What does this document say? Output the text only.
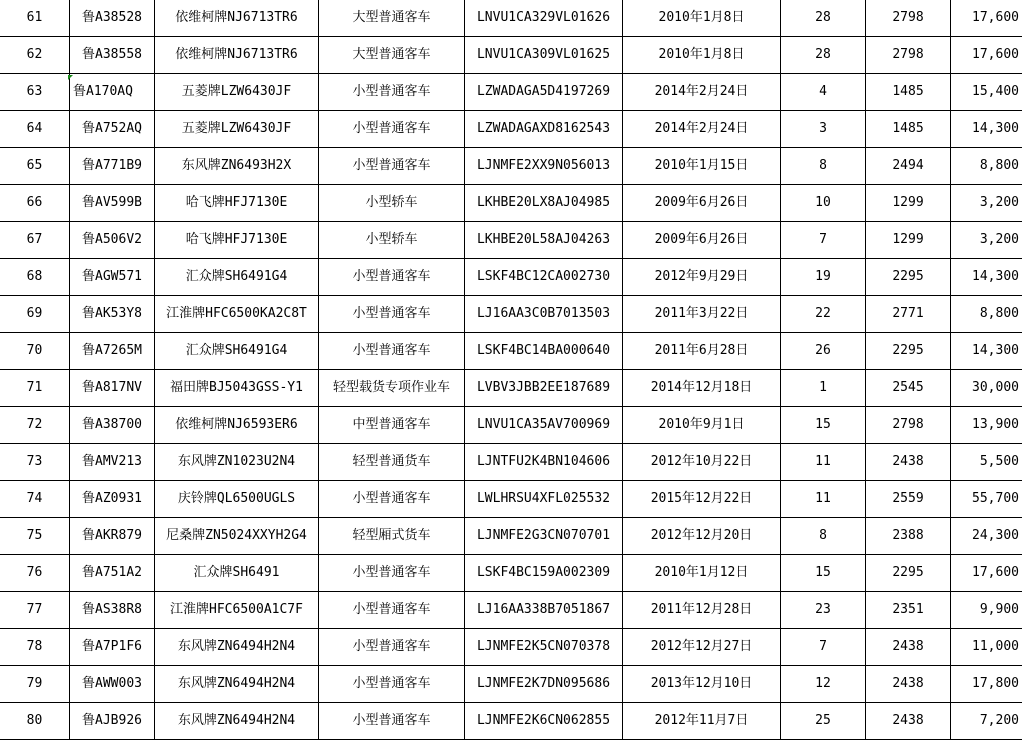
61	鲁A38528	依维柯牌NJ6713TR6	大型普通客车	LNVU1CA329VL01626	2010年1月8日	28	2798	17,600
62	鲁A38558	依维柯牌NJ6713TR6	大型普通客车	LNVU1CA309VL01625	2010年1月8日	28	2798	17,600
63	鲁A170AQ	五菱牌LZW6430JF	小型普通客车	LZWADAGA5D4197269	2014年2月24日	4	1485	15,400
64	鲁A752AQ	五菱牌LZW6430JF	小型普通客车	LZWADAGAXD8162543	2014年2月24日	3	1485	14,300
65	鲁A771B9	东风牌ZN6493H2X	小型普通客车	LJNMFE2XX9N056013	2010年1月15日	8	2494	8,800
66	鲁AV599B	哈飞牌HFJ7130E	小型轿车	LKHBE20LX8AJ04985	2009年6月26日	10	1299	3,200
67	鲁A506V2	哈飞牌HFJ7130E	小型轿车	LKHBE20L58AJ04263	2009年6月26日	7	1299	3,200
68	鲁AGW571	汇众牌SH6491G4	小型普通客车	LSKF4BC12CA002730	2012年9月29日	19	2295	14,300
69	鲁AK53Y8	江淮牌HFC6500KA2C8T	小型普通客车	LJ16AA3C0B7013503	2011年3月22日	22	2771	8,800
70	鲁A7265M	汇众牌SH6491G4	小型普通客车	LSKF4BC14BA000640	2011年6月28日	26	2295	14,300
71	鲁A817NV	福田牌BJ5043GSS-Y1	轻型载货专项作业车	LVBV3JBB2EE187689	2014年12月18日	1	2545	30,000
72	鲁A38700	依维柯牌NJ6593ER6	中型普通客车	LNVU1CA35AV700969	2010年9月1日	15	2798	13,900
73	鲁AMV213	东风牌ZN1023U2N4	轻型普通货车	LJNTFU2K4BN104606	2012年10月22日	11	2438	5,500
74	鲁AZ0931	庆铃牌QL6500UGLS	小型普通客车	LWLHRSU4XFL025532	2015年12月22日	11	2559	55,700
75	鲁AKR879	尼桑牌ZN5024XXYH2G4	轻型厢式货车	LJNMFE2G3CN070701	2012年12月20日	8	2388	24,300
76	鲁A751A2	汇众牌SH6491	小型普通客车	LSKF4BC159A002309	2010年1月12日	15	2295	17,600
77	鲁AS38R8	江淮牌HFC6500A1C7F	小型普通客车	LJ16AA338B7051867	2011年12月28日	23	2351	9,900
78	鲁A7P1F6	东风牌ZN6494H2N4	小型普通客车	LJNMFE2K5CN070378	2012年12月27日	7	2438	11,000
79	鲁AWW003	东风牌ZN6494H2N4	小型普通客车	LJNMFE2K7DN095686	2013年12月10日	12	2438	17,800
80	鲁AJB926	东风牌ZN6494H2N4	小型普通客车	LJNMFE2K6CN062855	2012年11月7日	25	2438	7,200
